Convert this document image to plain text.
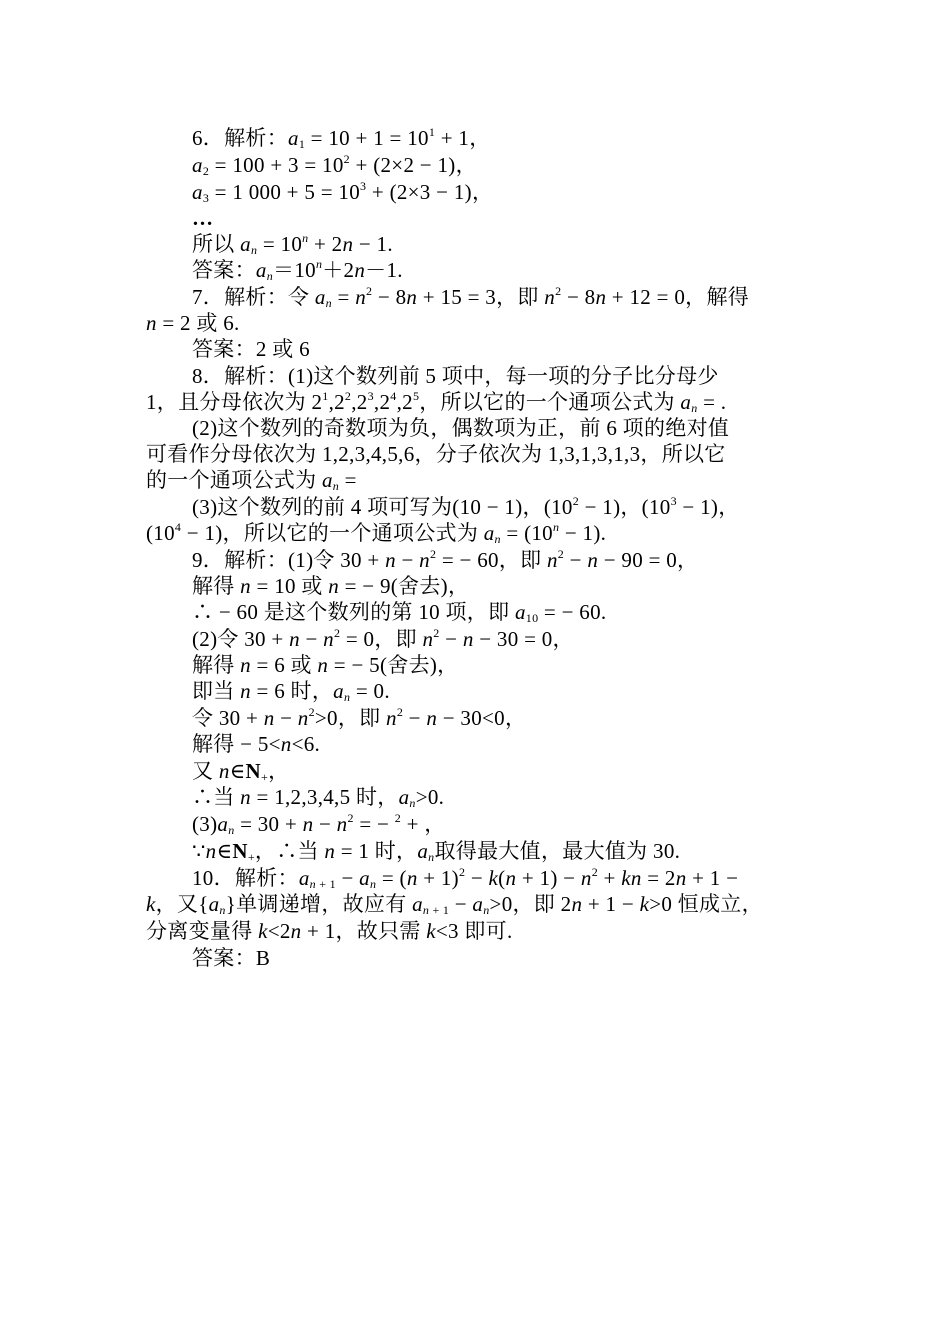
6．解析：$a_1 = 10 + 1 = 10^1 + 1$，
$a_2 = 100 + 3 = 10^2 + (2\times 2 - 1)$，
$a_3 = 1$ $000 + 5 = 10^3 + (2\times 3 - 1)$，
…
所以 $a_n = 10^n + 2n - 1$.
答案：$a_n=10^n+2n-1$.
7．解析：令 $a_n = n^2 - 8n + 15 = 3$，即 $n^2 - 8n + 12 = 0$，解得
n = 2 或 6.
答案：2 或 6
8．解析：(1)这个数列前 5 项中，每一项的分子比分母少
1，且分母依次为 $2^1,2^2,2^3,2^4,2^5$，所以它的一个通项公式为 $a_n$ = .
(2)这个数列的奇数项为负，偶数项为正，前 6 项的绝对值
可看作分母依次为 1,2,3,4,5,6，分子依次为 1,3,1,3,1,3，所以它
的一个通项公式为 $a_n$ =
(3)这个数列的前 4 项可写为(10 − 1)，$(10^2 - 1)$，$(10^3 - 1)$，
$(10^4 - 1)$，所以它的一个通项公式为 $a_n = (10^n - 1)$.
9．解析：(1)令 $30 + n - n^2$ = − 60，即 $n^2 - n - 90 = 0$，
解得 n = 10 或 n = − 9(舍去)，
∴ − 60 是这个数列的第 10 项，即 $a_{10}$ = − 60.
(2)令 $30 + n - n^2 = 0$，即 $n^2 - n - 30 = 0$，
解得 n = 6 或 n = − 5(舍去)，
即当 n = 6 时，$a_n = 0$.
令 $30 + n - n^2>0$，即 $n^2 - n - 30<0$，
解得 − 5<n<6.
又 $n\in N_+$，
∴当 n = 1,2,3,4,5 时，$a_n>0$.
$(3)a_n = 30 + n - n^2$ = − $^2$ + ，
$\because n\in N_+$，∴当 n = 1 时，$a_n$取得最大值，最大值为 30.
10．解析：$a_{n + 1} - a_n = (n + 1)^2 - k(n + 1) - n^2$ + kn = 2n + 1 −
k，又$\{a_n\}$单调递增，故应有 $a_{n + 1} - a_n>0$，即 2n + 1 − k>0 恒成立，
分离变量得 k<2n + 1，故只需 k<3 即可.
答案：B
